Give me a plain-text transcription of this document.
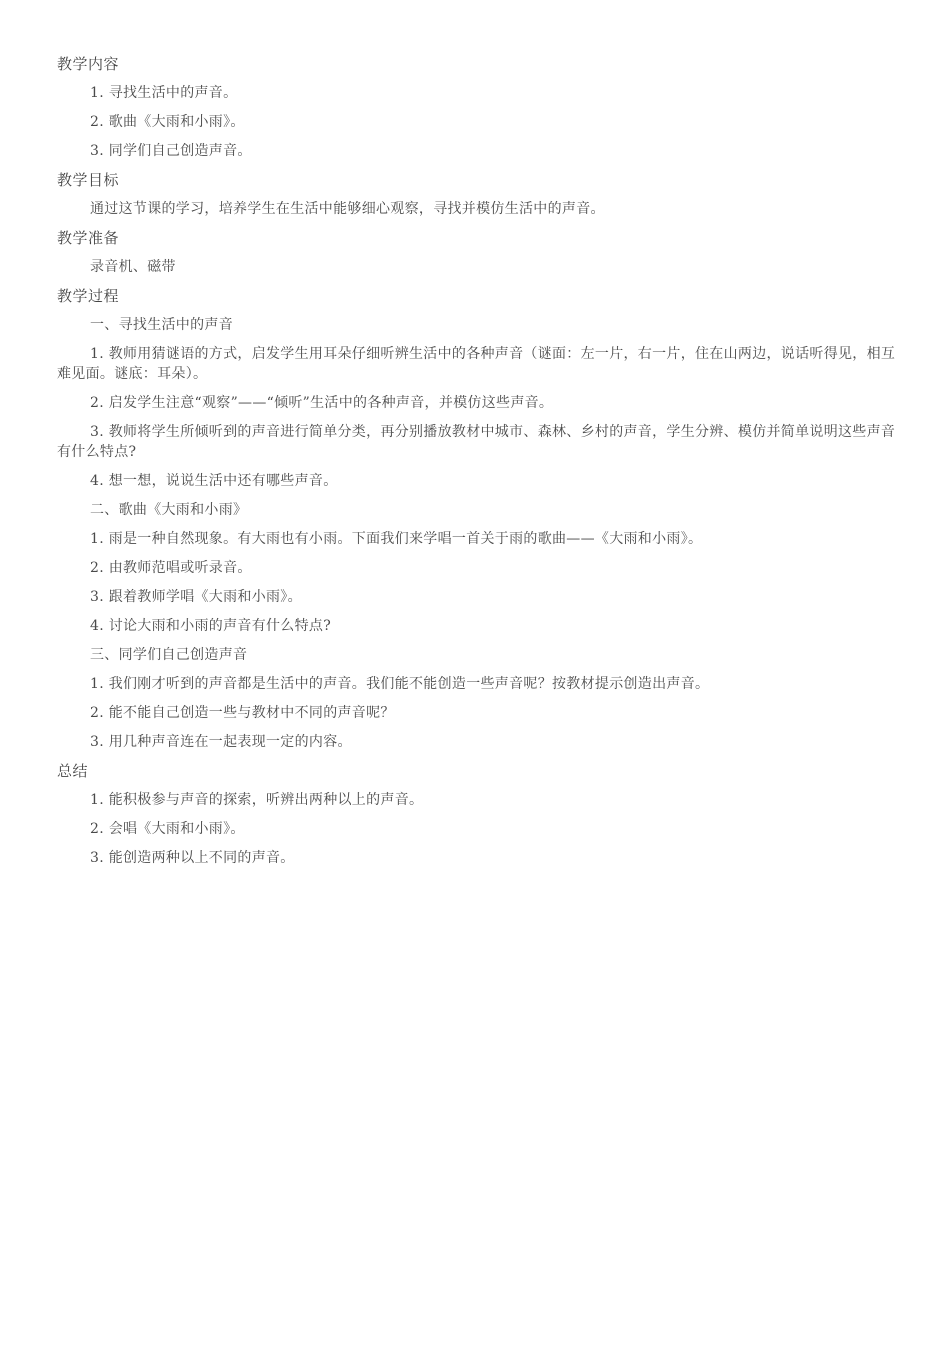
教学内容
1. 寻找生活中的声音。
2. 歌曲《大雨和小雨》。
3. 同学们自己创造声音。
教学目标
通过这节课的学习，培养学生在生活中能够细心观察，寻找并模仿生活中的声音。
教学准备
录音机、磁带
教学过程
一、寻找生活中的声音
1. 教师用猜谜语的方式，启发学生用耳朵仔细听辨生活中的各种声音（谜面：左一片，右一片，住在山两边，说话听得见，相互难见面。谜底：耳朵）。
2. 启发学生注意“观察”——“倾听”生活中的各种声音，并模仿这些声音。
3. 教师将学生所倾听到的声音进行简单分类，再分别播放教材中城市、森林、乡村的声音，学生分辨、模仿并简单说明这些声音有什么特点?
4. 想一想，说说生活中还有哪些声音。
二、歌曲《大雨和小雨》
1. 雨是一种自然现象。有大雨也有小雨。下面我们来学唱一首关于雨的歌曲——《大雨和小雨》。
2. 由教师范唱或听录音。
3. 跟着教师学唱《大雨和小雨》。
4. 讨论大雨和小雨的声音有什么特点?
三、同学们自己创造声音
1. 我们刚才听到的声音都是生活中的声音。我们能不能创造一些声音呢？按教材提示创造出声音。
2. 能不能自己创造一些与教材中不同的声音呢？
3. 用几种声音连在一起表现一定的内容。
总结
1. 能积极参与声音的探索，听辨出两种以上的声音。
2. 会唱《大雨和小雨》。
3. 能创造两种以上不同的声音。
